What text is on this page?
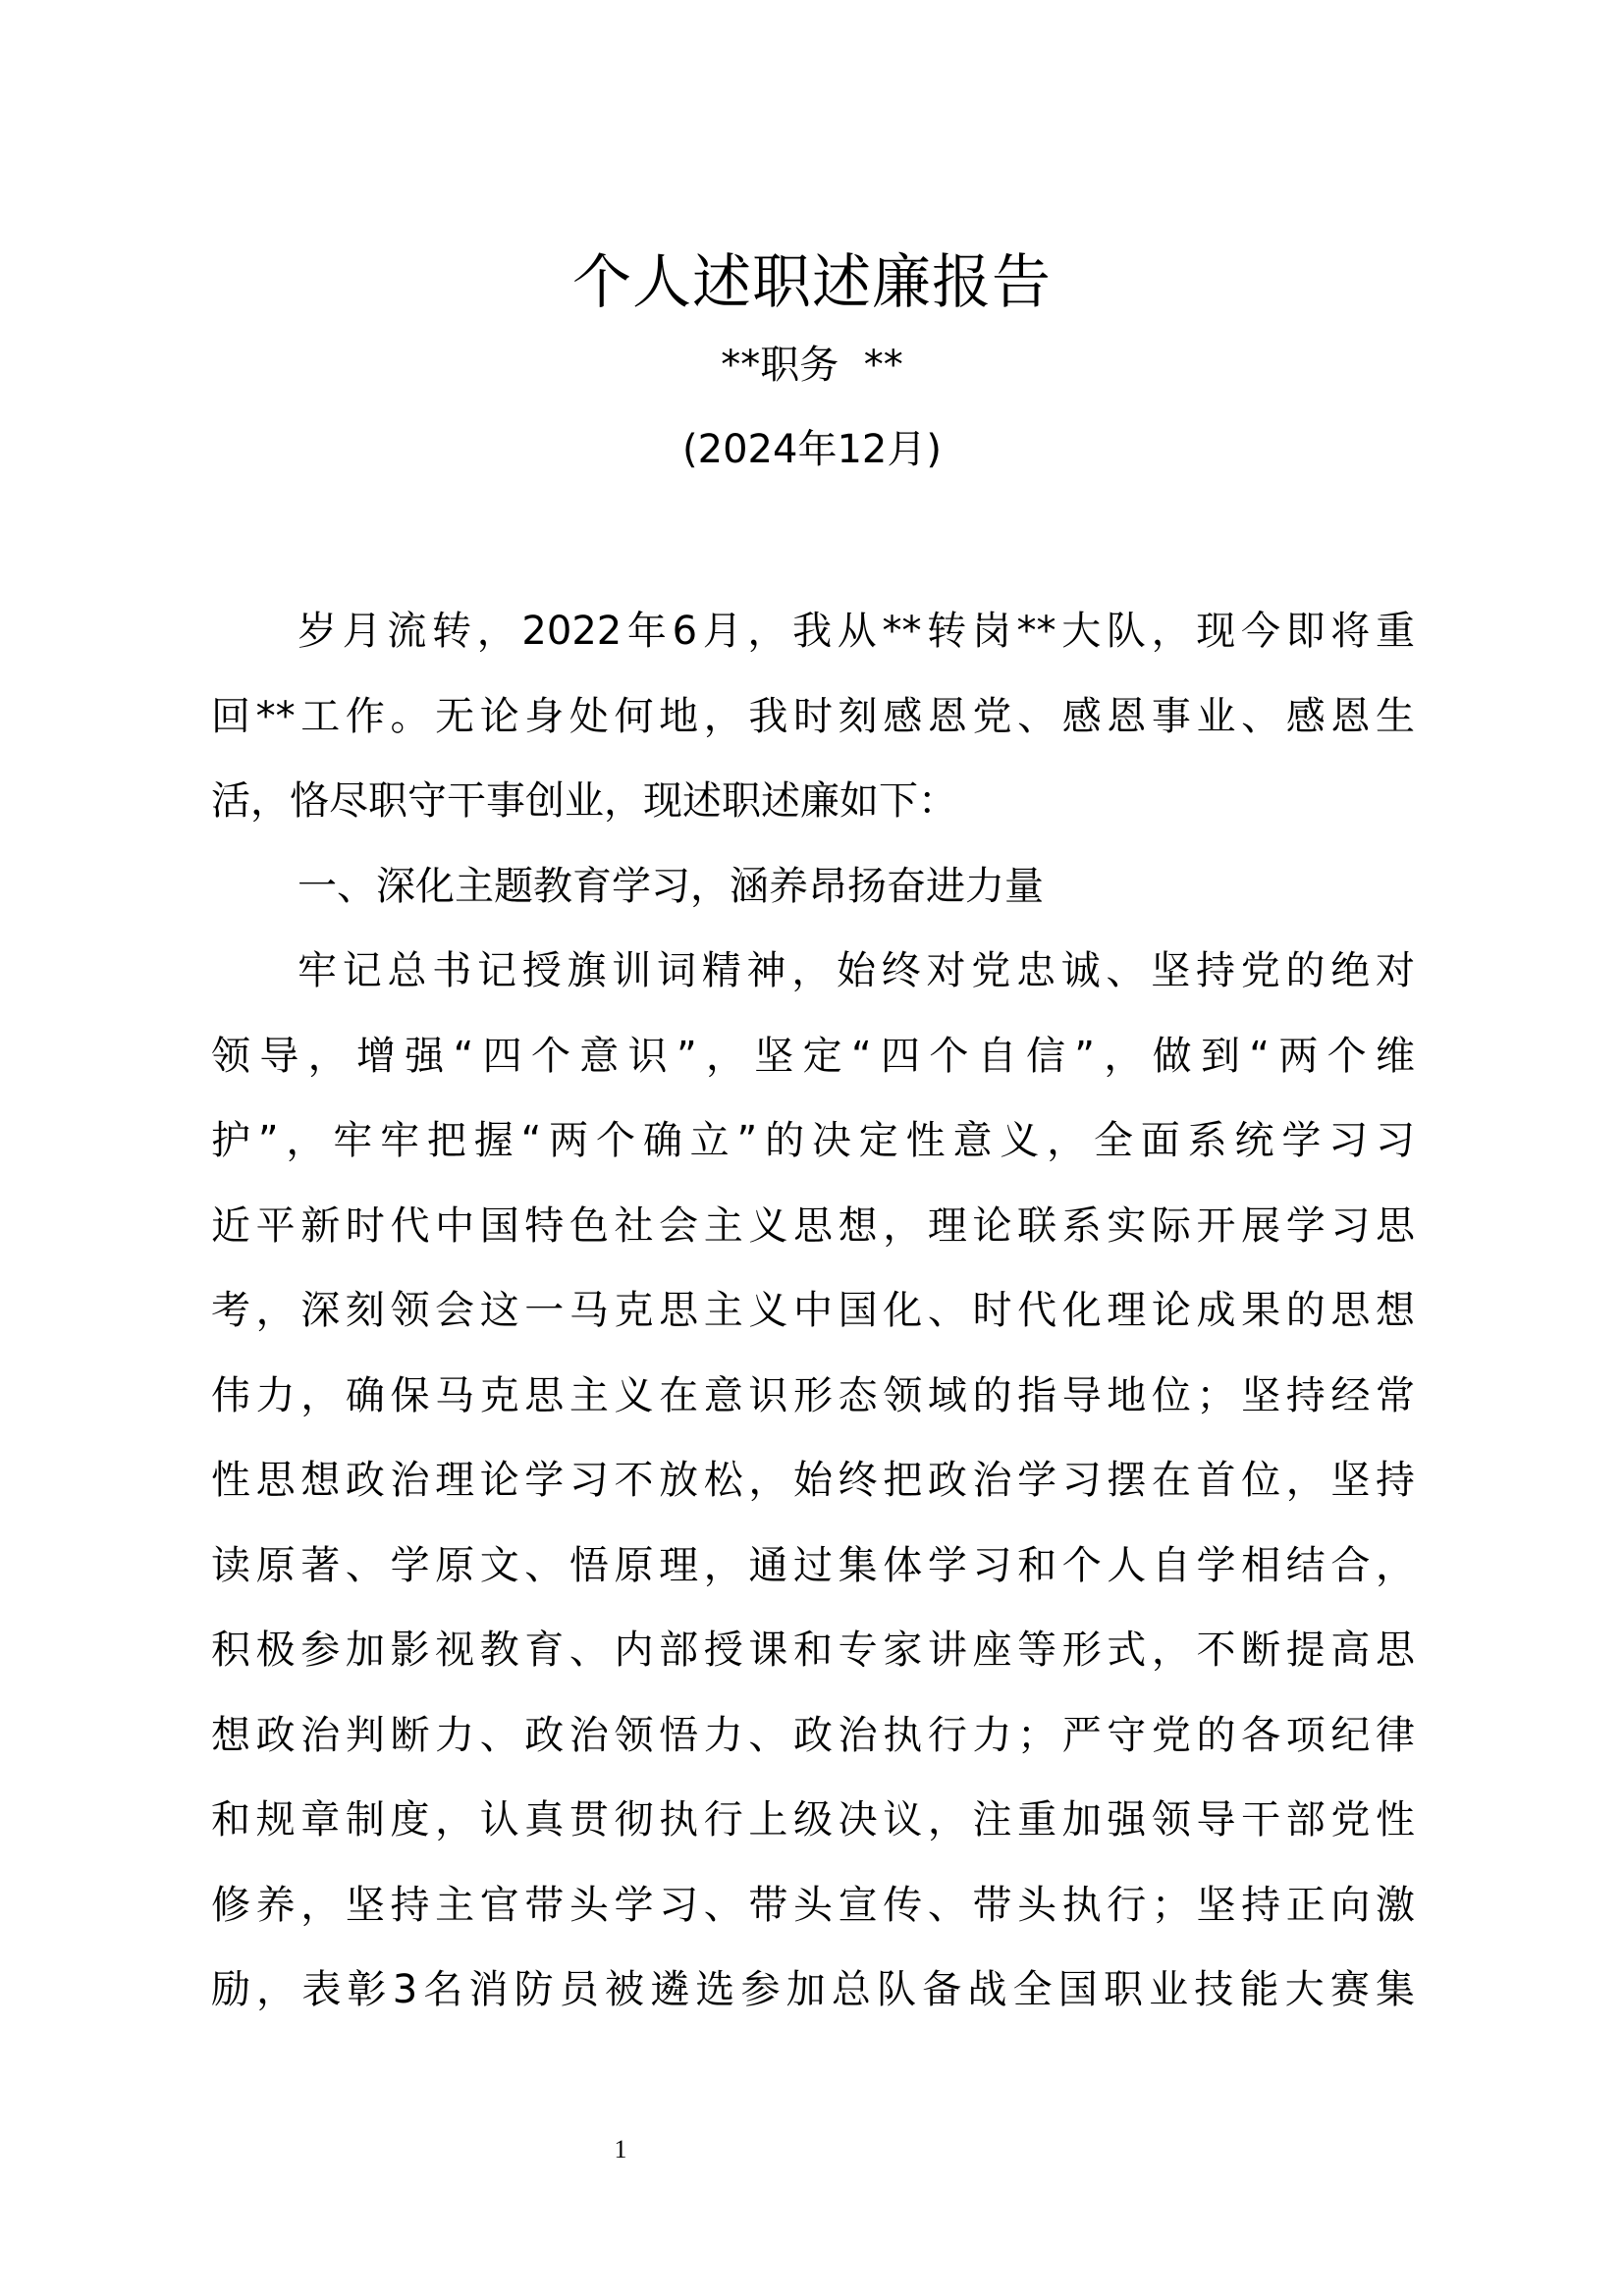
个人述职述廉报告
**职务  **
(2024年12月)
岁月流转，2022年6月，我从**转岗**大队，现今即将重
回**工作。无论身处何地，我时刻感恩党、感恩事业、感恩生
活，恪尽职守干事创业，现述职述廉如下：
一、深化主题教育学习，涵养昂扬奋进力量
牢记总书记授旗训词精神，始终对党忠诚、坚持党的绝对
领导，增强“四个意识”，坚定“四个自信”，做到“两个维
护”，牢牢把握“两个确立”的决定性意义，全面系统学习习
近平新时代中国特色社会主义思想，理论联系实际开展学习思
考，深刻领会这一马克思主义中国化、时代化理论成果的思想
伟力，确保马克思主义在意识形态领域的指导地位；坚持经常
性思想政治理论学习不放松，始终把政治学习摆在首位，坚持
读原著、学原文、悟原理，通过集体学习和个人自学相结合，
积极参加影视教育、内部授课和专家讲座等形式，不断提高思
想政治判断力、政治领悟力、政治执行力；严守党的各项纪律
和规章制度，认真贯彻执行上级决议，注重加强领导干部党性
修养，坚持主官带头学习、带头宣传、带头执行；坚持正向激
励，表彰3名消防员被遴选参加总队备战全国职业技能大赛集
1
